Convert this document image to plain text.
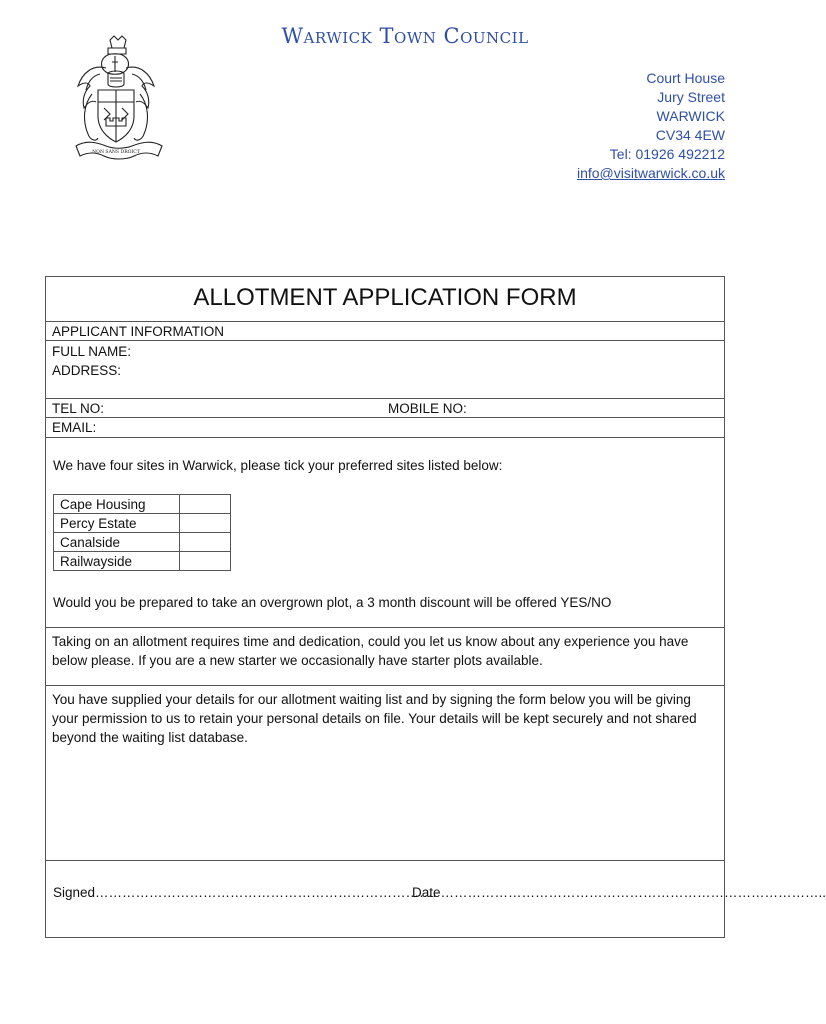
NON SANS DROICT
Warwick Town Council
Court House
Jury Street
WARWICK
CV34 4EW
Tel: 01926 492212
info@visitwarwick.co.uk
ALLOTMENT APPLICATION FORM
APPLICANT INFORMATION
FULL NAME:
ADDRESS:
TEL NO:	MOBILE NO:
EMAIL:
We have four sites in Warwick, please tick your preferred sites listed below:
Cape Housing	
Percy Estate	
Canalside	
Railwayside	
Would you be prepared to take an overgrown plot, a 3 month discount will be offered YES/NO
Taking on an allotment requires time and dedication, could you let us know about any experience you have below please. If you are a new starter we occasionally have starter plots available.
You have supplied your details for our allotment waiting list and by signing the form below you will be giving your permission to us to retain your personal details on file. Your details will be kept securely and not shared beyond the waiting list database.
Signed………………………………………………………………….
Date…………………………………………………………………………..
